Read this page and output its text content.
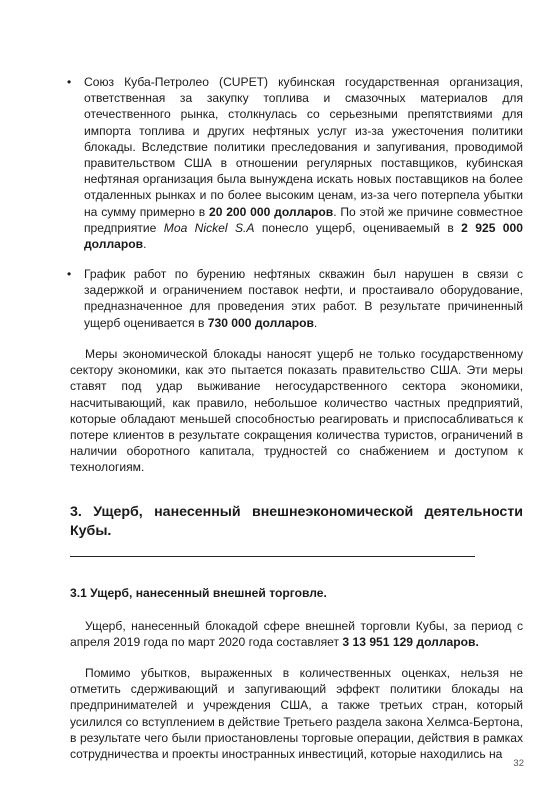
•	Союз Куба-Петролео (CUPET) кубинская государственная организация, ответственная за закупку топлива и смазочных материалов для отечественного рынка, столкнулась со серьезными препятствиями для импорта топлива и других нефтяных услуг из-за ужесточения политики блокады. Вследствие политики преследования и запугивания, проводимой правительством США в отношении регулярных поставщиков, кубинская нефтяная организация была вынуждена искать новых поставщиков на более отдаленных рынках и по более высоким ценам, из-за чего потерпела убытки на сумму примерно в 20 200 000 долларов. По этой же причине совместное предприятие Moa Nickel S.A понесло ущерб, оцениваемый в 2 925 000 долларов.

•	График работ по бурению нефтяных скважин был нарушен в связи с задержкой и ограничением поставок нефти, и простаивало оборудование, предназначенное для проведения этих работ. В результате причиненный ущерб оценивается в 730 000 долларов.

Меры экономической блокады наносят ущерб не только государственному сектору экономики, как это пытается показать правительство США. Эти меры ставят под удар выживание негосударственного сектора экономики, насчитывающий, как правило, небольшое количество частных предприятий, которые обладают меньшей способностью реагировать и приспосабливаться к потере клиентов в результате сокращения количества туристов, ограничений в наличии оборотного капитала, трудностей со снабжением и доступом к технологиям.

3. Ущерб, нанесенный внешнеэкономической деятельности Кубы.
3.1 Ущерб, нанесенный внешней торговле.

Ущерб, нанесенный блокадой сфере внешней торговли Кубы, за период с апреля 2019 года по март 2020 года составляет 3 13 951 129 долларов.

Помимо убытков, выраженных в количественных оценках, нельзя не отметить сдерживающий и запугивающий эффект политики блокады на предпринимателей и учреждения США, а также третьих стран, который усилился со вступлением в действие Третьего раздела закона Хелмса-Бертона, в результате чего были приостановлены торговые операции, действия в рамках сотрудничества и проекты иностранных инвестиций, которые находились на

32
